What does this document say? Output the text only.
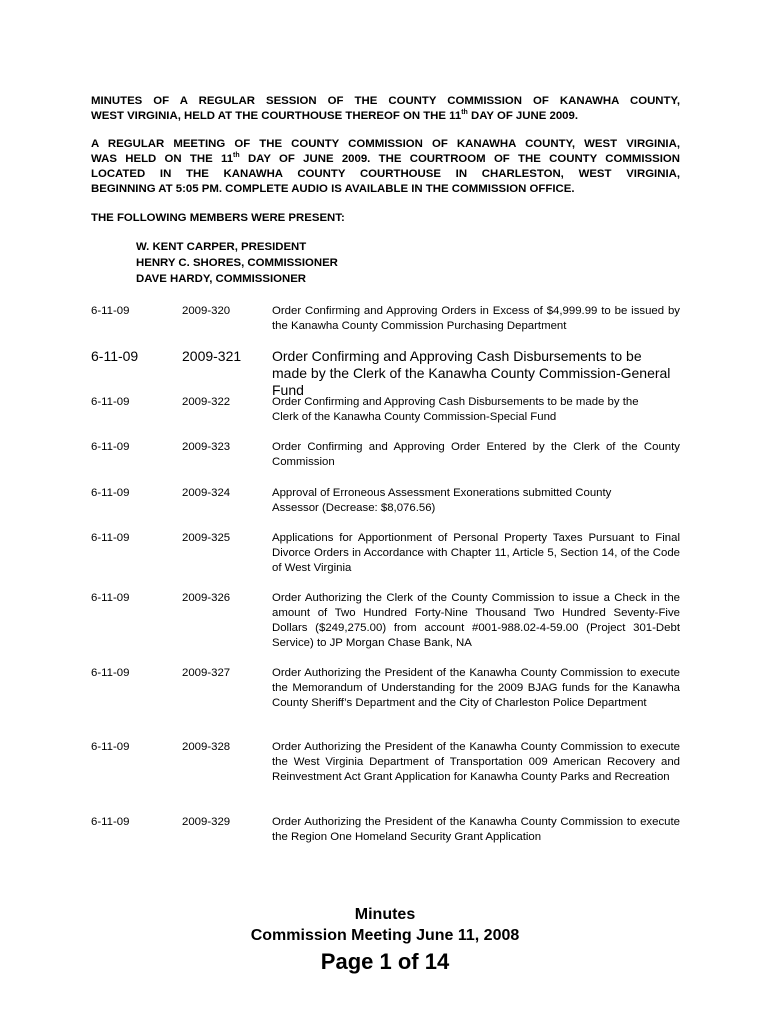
MINUTES OF A REGULAR SESSION OF THE COUNTY COMMISSION OF KANAWHA COUNTY,
WEST VIRGINIA, HELD AT THE COURTHOUSE THEREOF ON THE 11th DAY OF JUNE 2009.
A REGULAR MEETING OF THE COUNTY COMMISSION OF KANAWHA COUNTY, WEST VIRGINIA,
WAS HELD ON THE 11th DAY OF JUNE 2009. THE COURTROOM OF THE COUNTY COMMISSION
LOCATED IN THE KANAWHA COUNTY COURTHOUSE IN CHARLESTON, WEST VIRGINIA,
BEGINNING AT 5:05 PM. COMPLETE AUDIO IS AVAILABLE IN THE COMMISSION OFFICE.
THE FOLLOWING MEMBERS WERE PRESENT:
W. KENT CARPER, PRESIDENT
HENRY C. SHORES, COMMISSIONER
DAVE HARDY, COMMISSIONER
6-11-09	2009-320	Order Confirming and Approving Orders in Excess of $4,999.99 to be issued by the Kanawha County Commission Purchasing Department
6-11-09	2009-321 Order Confirming and Approving Cash Disbursements to be made by the Clerk of the Kanawha County Commission-General Fund
6-11-09	2009-322	Order Confirming and Approving Cash Disbursements to be made by the Clerk of the Kanawha County Commission-Special Fund
6-11-09	2009-323	Order Confirming and Approving Order Entered by the Clerk of the County Commission
6-11-09	2009-324	Approval of Erroneous Assessment Exonerations submitted County Assessor (Decrease: $8,076.56)
6-11-09	2009-325	Applications for Apportionment of Personal Property Taxes Pursuant to Final Divorce Orders in Accordance with Chapter 11, Article 5, Section 14, of the Code of West Virginia
6-11-09	2009-326	Order Authorizing the Clerk of the County Commission to issue a Check in the amount of Two Hundred Forty-Nine Thousand Two Hundred Seventy-Five Dollars ($249,275.00) from account #001-988.02-4-59.00 (Project 301-Debt Service) to JP Morgan Chase Bank, NA
6-11-09	2009-327	Order Authorizing the President of the Kanawha County Commission to execute the Memorandum of Understanding for the 2009 BJAG funds for the Kanawha County Sheriff’s Department and the City of Charleston Police Department
6-11-09	2009-328	Order Authorizing the President of the Kanawha County Commission to execute the West Virginia Department of Transportation 009 American Recovery and Reinvestment Act Grant Application for Kanawha County Parks and Recreation
6-11-09	2009-329	Order Authorizing the President of the Kanawha County Commission to execute the Region One Homeland Security Grant Application
Minutes
Commission Meeting June 11, 2008
Page 1 of 14
